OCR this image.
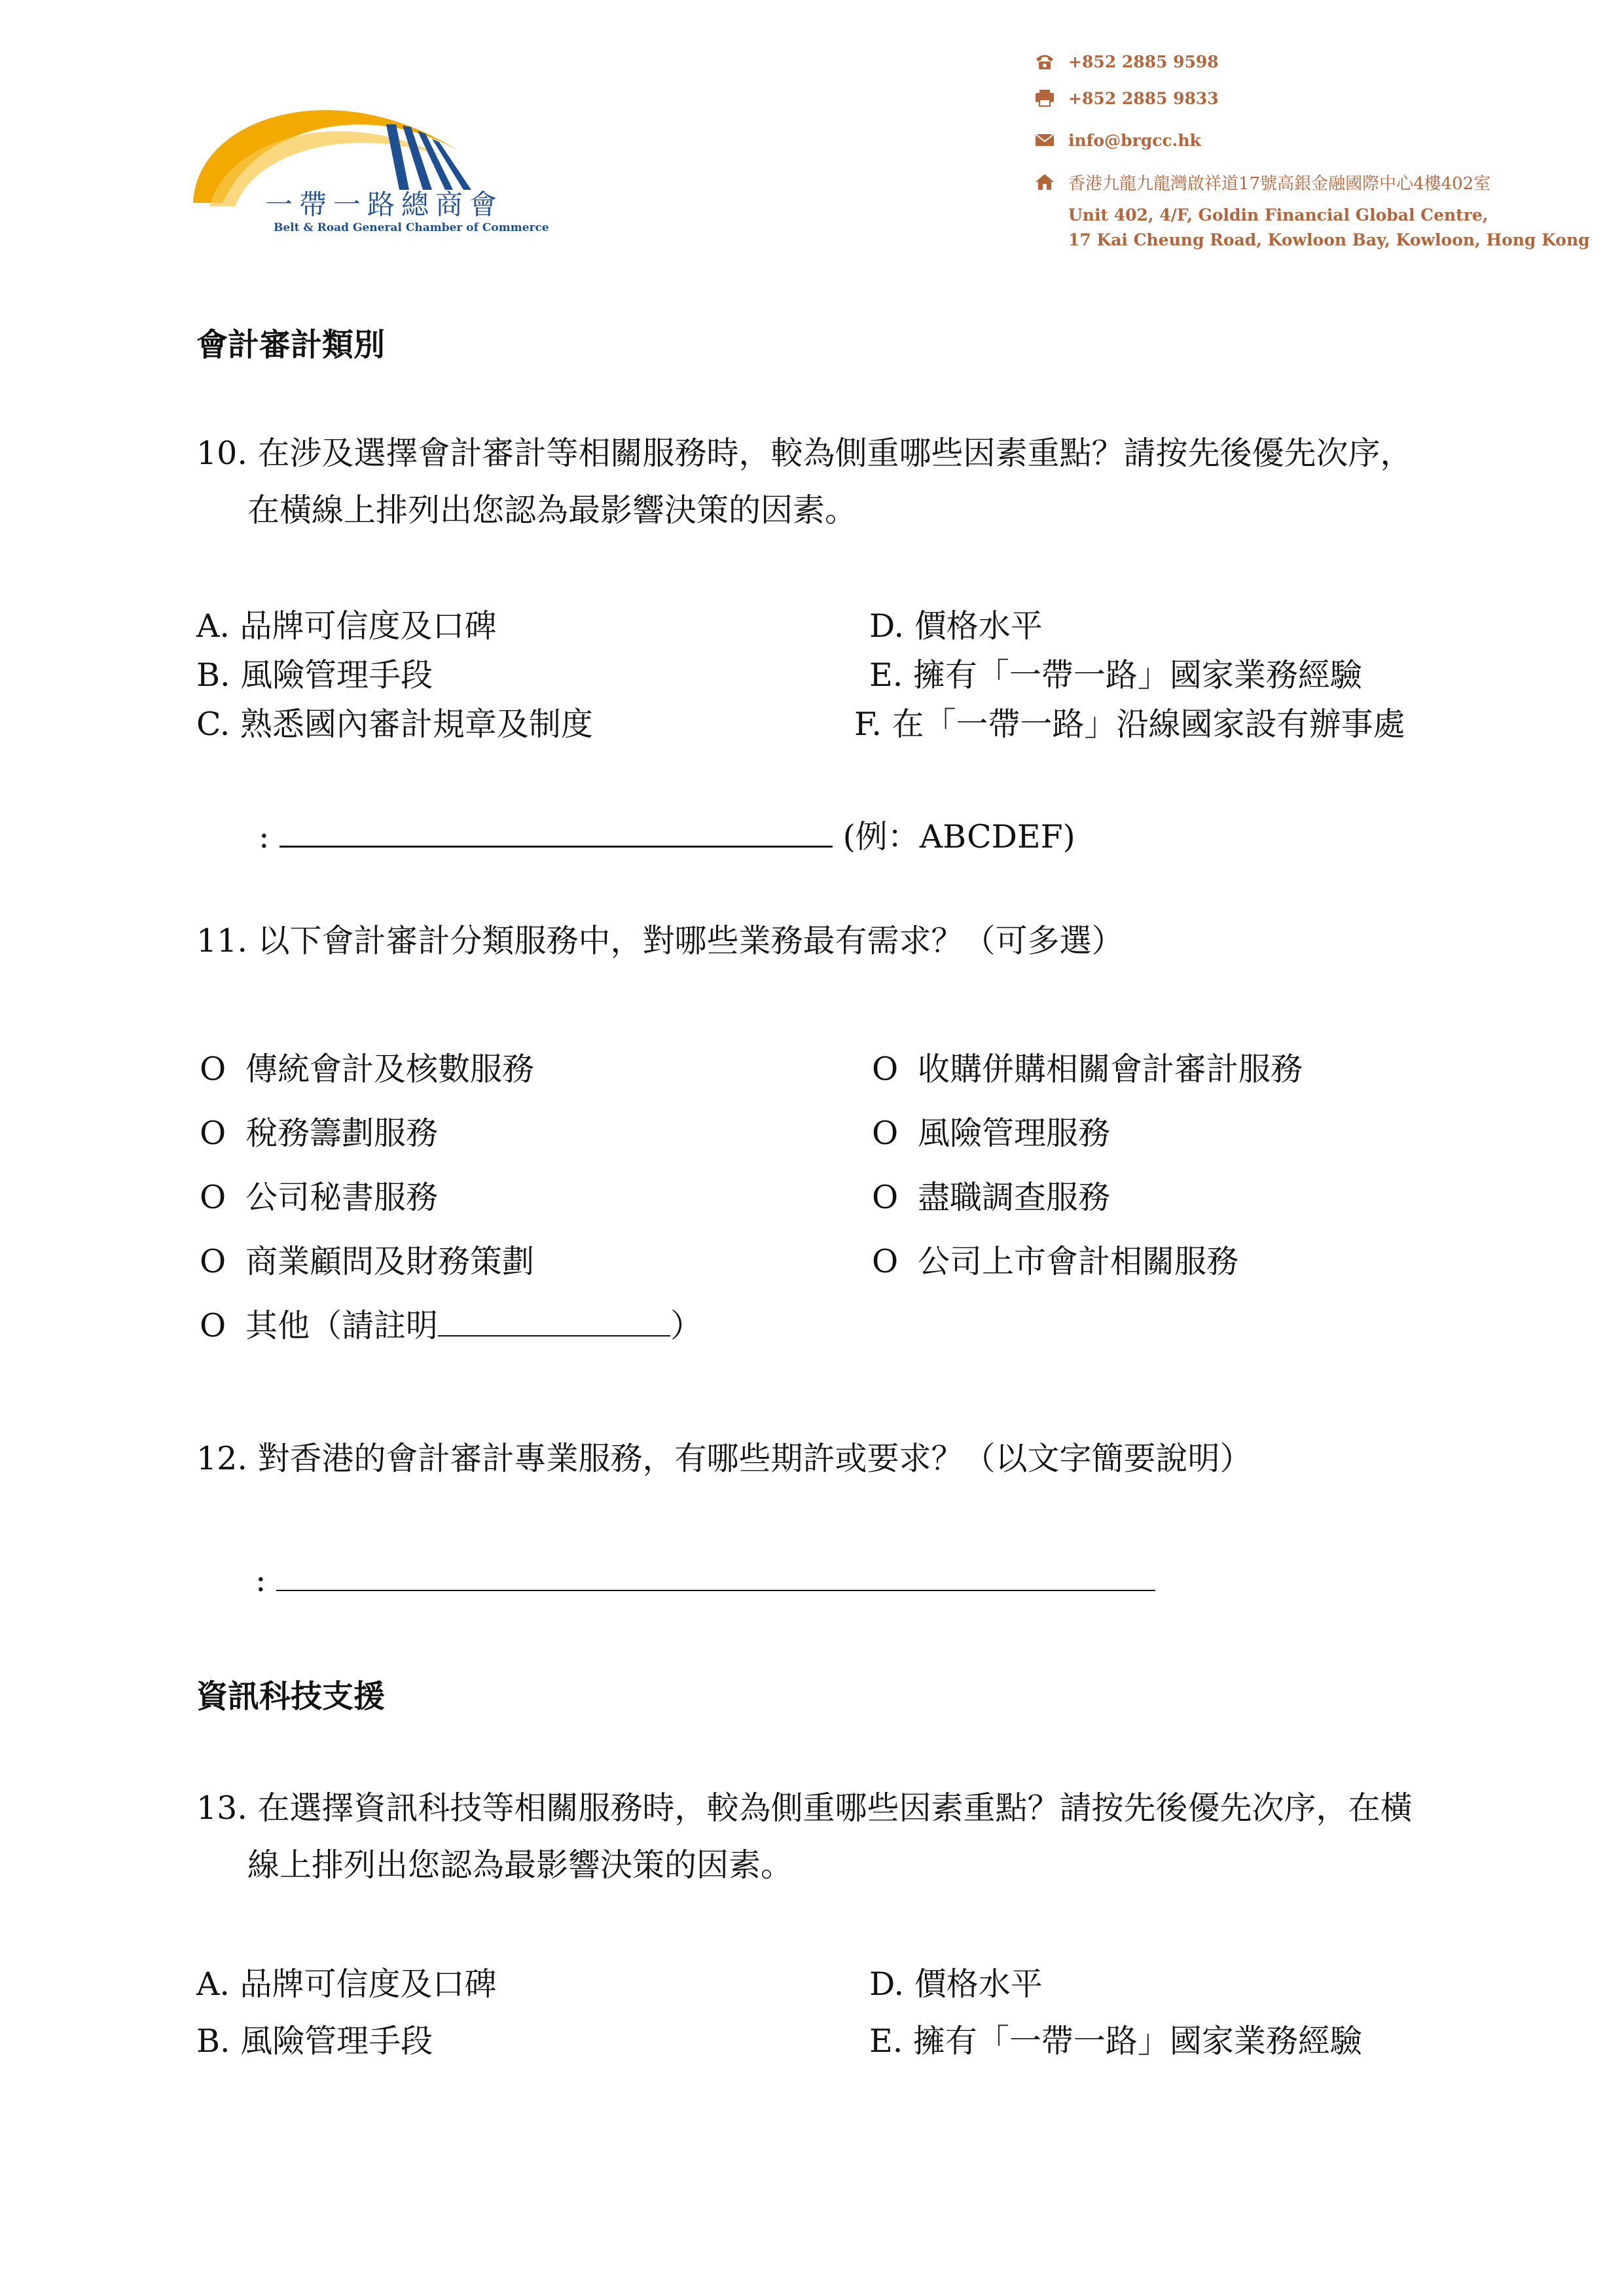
一帶一路總商會
Belt & Road General Chamber of Commerce
+852 2885 9598
+852 2885 9833
info@brgcc.hk
香港九龍九龍灣啟祥道17號高銀金融國際中心4樓402室
Unit 402, 4/F, Goldin Financial Global Centre,
17 Kai Cheung Road, Kowloon Bay, Kowloon, Hong Kong
會計審計類別
10. 在涉及選擇會計審計等相關服務時，較為側重哪些因素重點？請按先後優先次序，
在橫線上排列出您認為最影響決策的因素。
A. 品牌可信度及口碑
B. 風險管理手段
C. 熟悉國內審計規章及制度
D. 價格水平
E. 擁有「一帶一路」國家業務經驗
F. 在「一帶一路」沿線國家設有辦事處
:	(例：ABCDEF)
11. 以下會計審計分類服務中，對哪些業務最有需求？（可多選）
O 傳統會計及核數服務
O 稅務籌劃服務
O 公司秘書服務
O 商業顧問及財務策劃
O 收購併購相關會計審計服務
O 風險管理服務
O 盡職調查服務
O 公司上市會計相關服務
O 其他（請註明	）
12. 對香港的會計審計專業服務，有哪些期許或要求？（以文字簡要說明）
:
資訊科技支援
13. 在選擇資訊科技等相關服務時，較為側重哪些因素重點？請按先後優先次序，在橫
線上排列出您認為最影響決策的因素。
A. 品牌可信度及口碑
B. 風險管理手段
D. 價格水平
E. 擁有「一帶一路」國家業務經驗
